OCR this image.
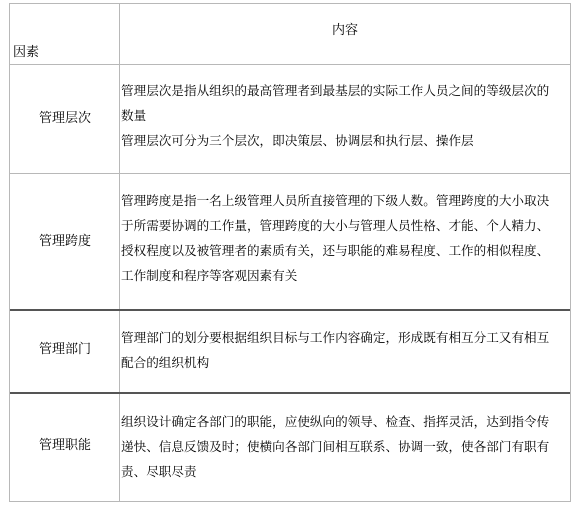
因素
内容
管理层次
管理层次是指从组织的最高管理者到最基层的实际工作人员之间的等级层次的
数量
管理层次可分为三个层次，即决策层、协调层和执行层、操作层
管理跨度
管理跨度是指一名上级管理人员所直接管理的下级人数。管理跨度的大小取决
于所需要协调的工作量，管理跨度的大小与管理人员性格、才能、个人精力、
授权程度以及被管理者的素质有关，还与职能的难易程度、工作的相似程度、
工作制度和程序等客观因素有关
管理部门
管理部门的划分要根据组织目标与工作内容确定，形成既有相互分工又有相互
配合的组织机构
管理职能
组织设计确定各部门的职能，应使纵向的领导、检查、指挥灵活，达到指令传
递快、信息反馈及时；使横向各部门间相互联系、协调一致，使各部门有职有
责、尽职尽责
